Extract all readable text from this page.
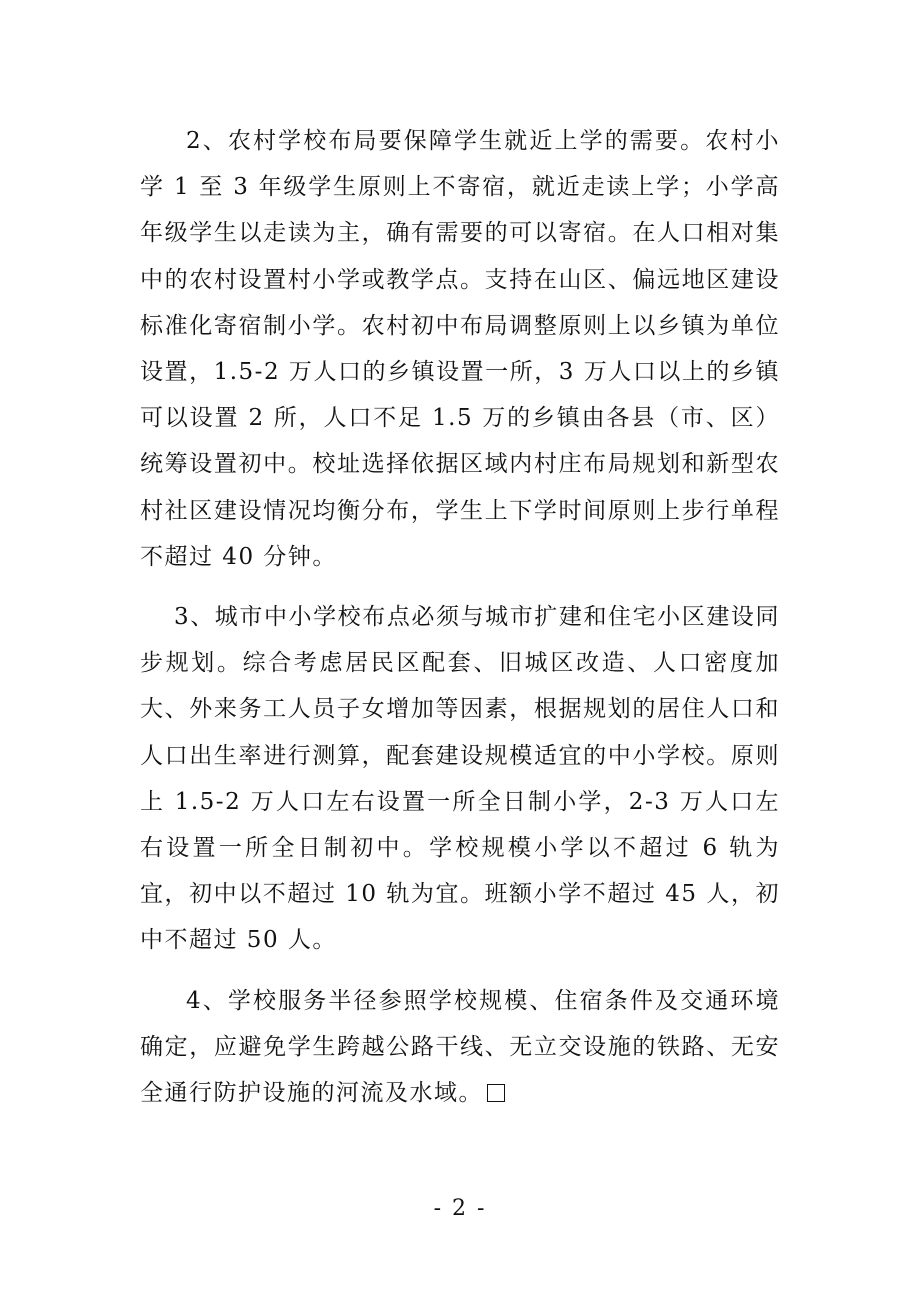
2、农村学校布局要保障学生就近上学的需要。农村小学 1 至 3 年级学生原则上不寄宿，就近走读上学；小学高年级学生以走读为主，确有需要的可以寄宿。在人口相对集中的农村设置村小学或教学点。支持在山区、偏远地区建设标准化寄宿制小学。农村初中布局调整原则上以乡镇为单位设置，1.5-2 万人口的乡镇设置一所，3 万人口以上的乡镇可以设置 2 所，人口不足 1.5 万的乡镇由各县（市、区）统筹设置初中。校址选择依据区域内村庄布局规划和新型农村社区建设情况均衡分布，学生上下学时间原则上步行单程不超过 40 分钟。

3、城市中小学校布点必须与城市扩建和住宅小区建设同步规划。综合考虑居民区配套、旧城区改造、人口密度加大、外来务工人员子女增加等因素，根据规划的居住人口和人口出生率进行测算，配套建设规模适宜的中小学校。原则上 1.5-2 万人口左右设置一所全日制小学，2-3 万人口左右设置一所全日制初中。学校规模小学以不超过 6 轨为宜，初中以不超过 10 轨为宜。班额小学不超过 45 人，初中不超过 50 人。

4、学校服务半径参照学校规模、住宿条件及交通环境确定，应避免学生跨越公路干线、无立交设施的铁路、无安全通行防护设施的河流及水域。

- 2 -
